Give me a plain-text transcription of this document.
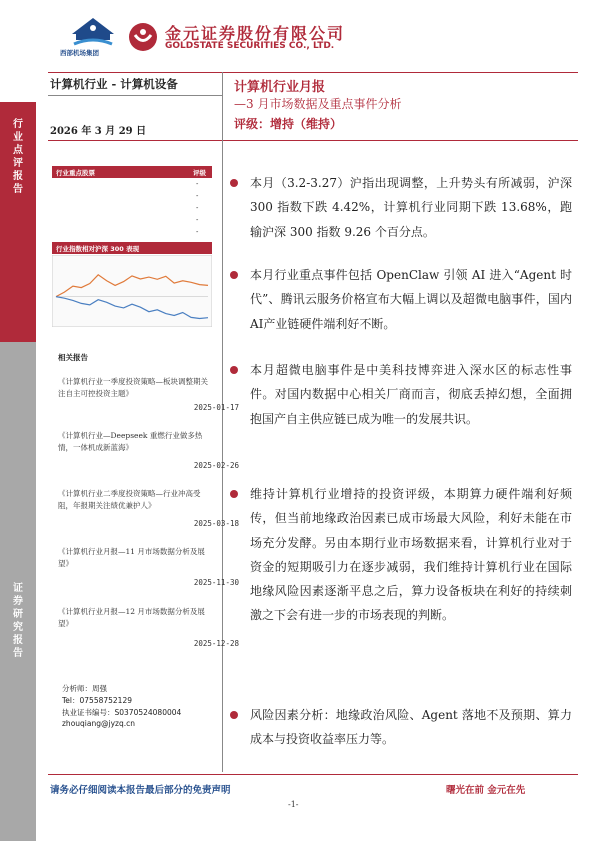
行
业
点
评
报
告
证
券
研
究
报
告
西部机场集团
金元证券股份有限公司
GOLDSTATE SECURITIES CO., LTD.
计算机行业 - 计算机设备
2026 年 3 月 29 日
计算机行业月报
—3 月市场数据及重点事件分析
评级：增持（维持）
行业重点股票	评级
-
-
-
-
-
行业指数相对沪深 300 表现
相关报告
《计算机行业一季度投资策略—板块调整期关注自主可控投资主题》
2025-01-17
《计算机行业—Deepseek 重燃行业做多热情，一体机成新蓝海》
2025-02-26
《计算机行业二季度投资策略—行业冲高受阻，年报期关注绩优兼护人》
2025-03-18
《计算机行业月报—11 月市场数据分析及展望》
2025-11-30
《计算机行业月报—12 月市场数据分析及展望》
2025-12-28
分析师：周强
Tel：07558752129
执业证书编号：S0370524080004
zhouqiang@jyzq.cn
本月（3.2-3.27）沪指出现调整，上升势头有所减弱，沪深 300 指数下跌 4.42%，计算机行业同期下跌 13.68%，跑输沪深 300 指数 9.26 个百分点。
本月行业重点事件包括 OpenClaw 引领 AI 进入“Agent 时代”、腾讯云服务价格宣布大幅上调以及超微电脑事件，国内AI产业链硬件端利好不断。
本月超微电脑事件是中美科技博弈进入深水区的标志性事件。对国内数据中心相关厂商而言，彻底丢掉幻想，全面拥抱国产自主供应链已成为唯一的发展共识。
维持计算机行业增持的投资评级，本期算力硬件端利好频传，但当前地缘政治因素已成市场最大风险，利好未能在市场充分发酵。另由本期行业市场数据来看，计算机行业对于资金的短期吸引力在逐步减弱，我们维持计算机行业在国际地缘风险因素逐渐平息之后，算力设备板块在利好的持续刺激之下会有进一步的市场表现的判断。
风险因素分析：地缘政治风险、Agent 落地不及预期、算力成本与投资收益率压力等。
请务必仔细阅读本报告最后部分的免责声明	曙光在前 金元在先
-1-
